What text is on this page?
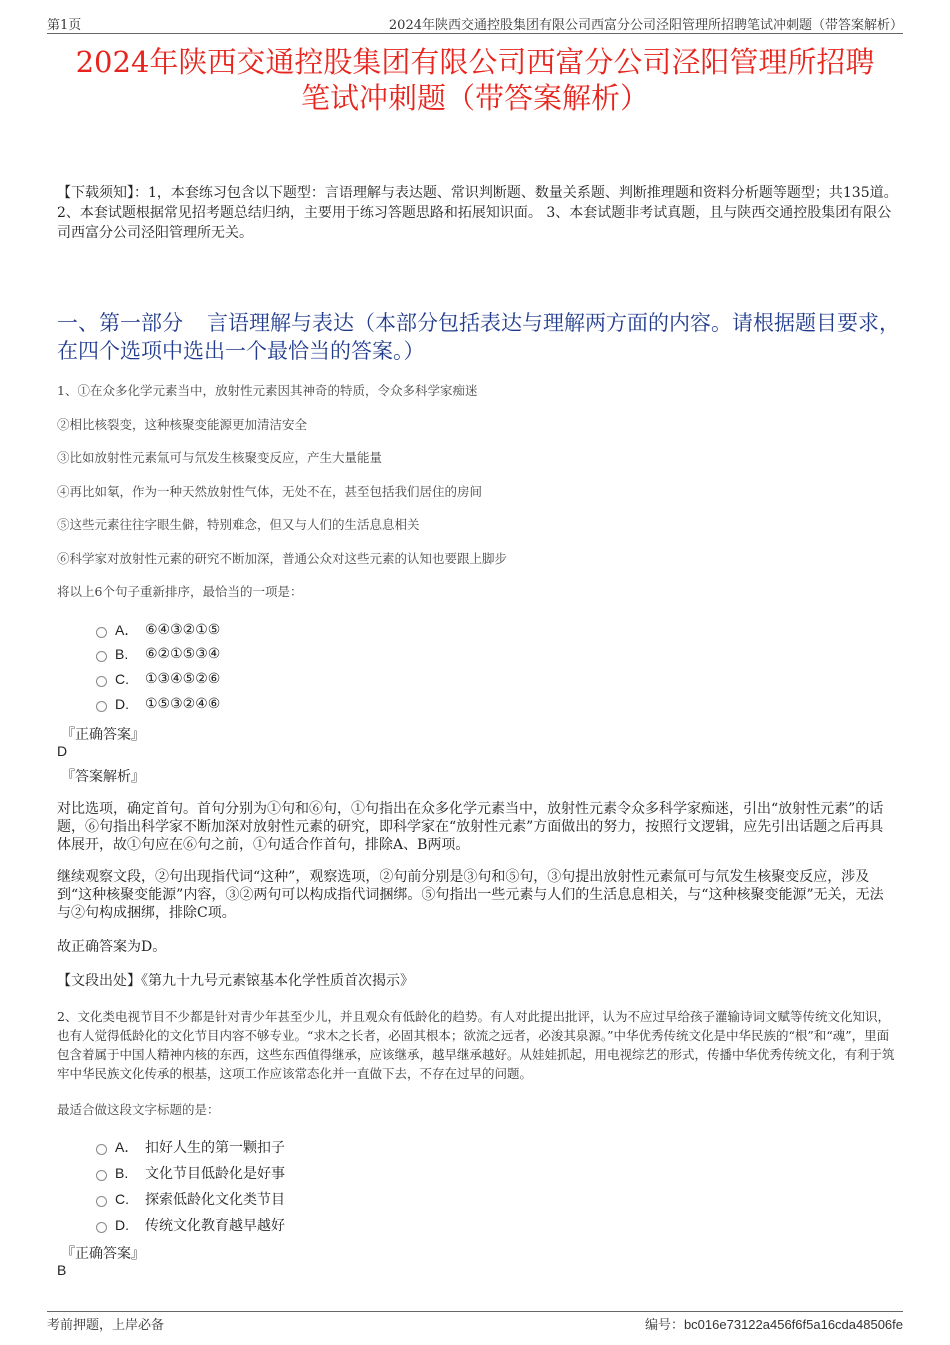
第1页	2024年陕西交通控股集团有限公司西富分公司泾阳管理所招聘笔试冲刺题（带答案解析）
2024年陕西交通控股集团有限公司西富分公司泾阳管理所招聘
笔试冲刺题（带答案解析）
【下载须知】：1，本套练习包含以下题型：言语理解与表达题、常识判断题、数量关系题、判断推理题和资料分析题等题型；共135道。 2、本套试题根据常见招考题总结归纳，主要用于练习答题思路和拓展知识面。 3、本套试题非考试真题，且与陕西交通控股集团有限公司西富分公司泾阳管理所无关。
一、第一部分 言语理解与表达（本部分包括表达与理解两方面的内容。请根据题目要求，在四个选项中选出一个最恰当的答案。）
1、①在众多化学元素当中，放射性元素因其神奇的特质，令众多科学家痴迷
②相比核裂变，这种核聚变能源更加清洁安全
③比如放射性元素氚可与氘发生核聚变反应，产生大量能量
④再比如氡，作为一种天然放射性气体，无处不在，甚至包括我们居住的房间
⑤这些元素往往字眼生僻，特别难念，但又与人们的生活息息相关
⑥科学家对放射性元素的研究不断加深，普通公众对这些元素的认知也要跟上脚步
将以上6个句子重新排序，最恰当的一项是：
A． ⑥④③②①⑤
B.	⑥②①⑤③④
C.	①③④⑤②⑥
D.	①⑤③②④⑥
『正确答案』
D
『答案解析』
对比选项，确定首句。首句分别为①句和⑥句，①句指出在众多化学元素当中，放射性元素令众多科学家痴迷，引出“放射性元素”的话题，⑥句指出科学家不断加深对放射性元素的研究，即科学家在“放射性元素”方面做出的努力，按照行文逻辑，应先引出话题之后再具体展开，故①句应在⑥句之前，①句适合作首句，排除A、B两项。
继续观察文段，②句出现指代词“这种”，观察选项，②句前分别是③句和⑤句，③句提出放射性元素氚可与氘发生核聚变反应，涉及到“这种核聚变能源”内容，③②两句可以构成指代词捆绑。⑤句指出一些元素与人们的生活息息相关，与“这种核聚变能源”无关，无法与②句构成捆绑，排除C项。
故正确答案为D。
【文段出处】《第九十九号元素锿基本化学性质首次揭示》
2、文化类电视节目不少都是针对青少年甚至少儿，并且观众有低龄化的趋势。有人对此提出批评，认为不应过早给孩子灌输诗词文赋等传统文化知识，也有人觉得低龄化的文化节目内容不够专业。“求木之长者，必固其根本；欲流之远者，必浚其泉源。”中华优秀传统文化是中华民族的“根”和“魂”，里面包含着属于中国人精神内核的东西，这些东西值得继承，应该继承，越早继承越好。从娃娃抓起，用电视综艺的形式，传播中华优秀传统文化，有利于筑牢中华民族文化传承的根基，这项工作应该常态化并一直做下去，不存在过早的问题。
最适合做这段文字标题的是：
A． 扣好人生的第一颗扣子
B.	文化节目低龄化是好事
C.	探索低龄化文化类节目
D.	传统文化教育越早越好
『正确答案』
B
考前押题，上岸必备	编号：bc016e73122a456f6f5a16cda48506fe
